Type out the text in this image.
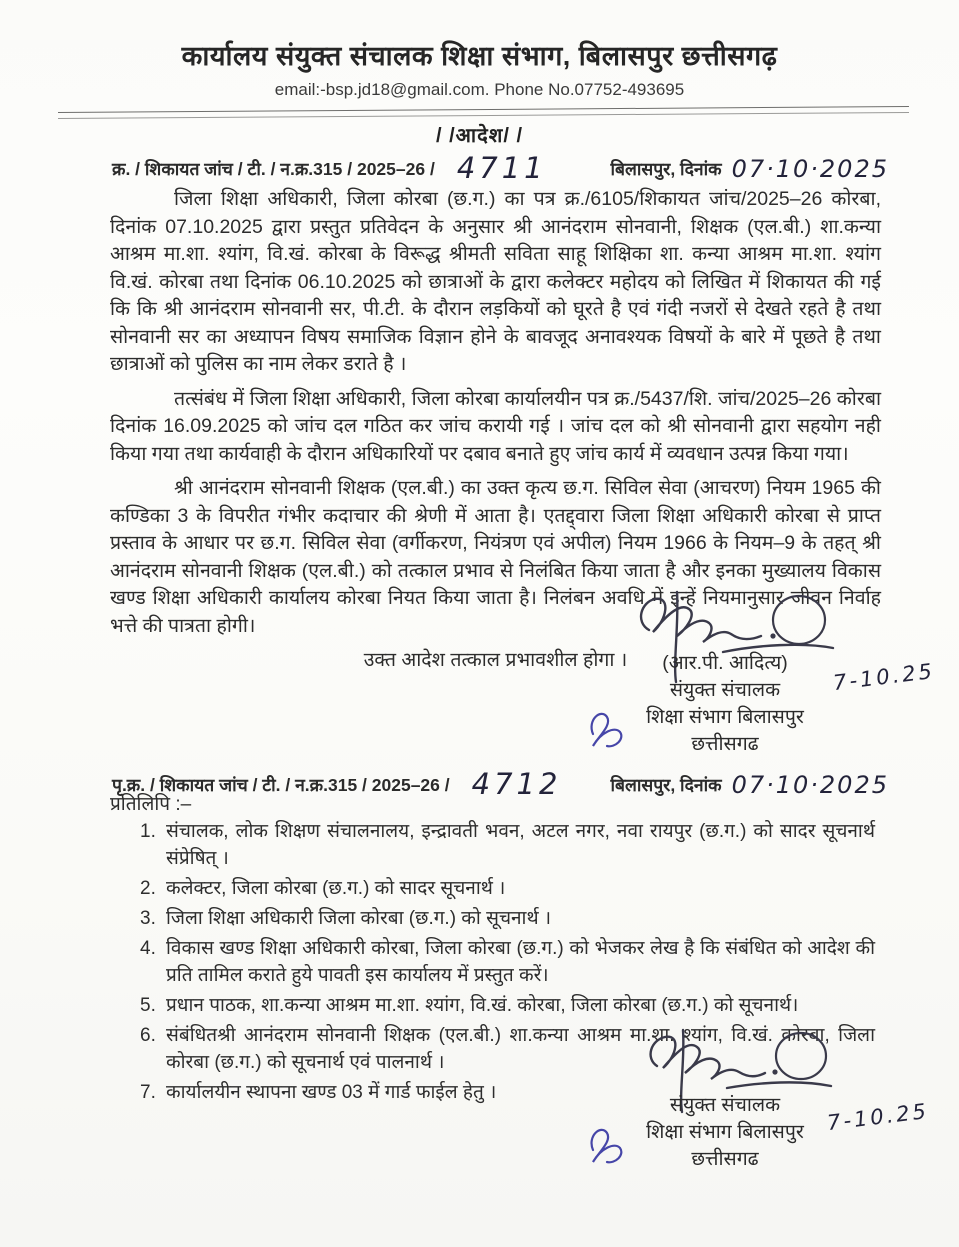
कार्यालय संयुक्त संचालक शिक्षा संभाग, बिलासपुर छत्तीसगढ़
email:-bsp.jd18@gmail.com. Phone No.07752-493695
/ /आदेश/ /
क्र. / शिकायत जांच / टी. / न.क्र.315 / 2025–26 / 4711	बिलासपुर, दिनांक 07·10·2025

जिला शिक्षा अधिकारी, जिला कोरबा (छ.ग.) का पत्र क्र./6105/शिकायत जांच/2025–26 कोरबा, दिनांक 07.10.2025 द्वारा प्रस्तुत प्रतिवेदन के अनुसार श्री आनंदराम सोनवानी, शिक्षक (एल.बी.) शा.कन्या आश्रम मा.शा. श्यांग, वि.खं. कोरबा के विरूद्ध श्रीमती सविता साहू शिक्षिका शा. कन्या आश्रम मा.शा. श्यांग वि.खं. कोरबा तथा दिनांक 06.10.2025 को छात्राओं के द्वारा कलेक्टर महोदय को लिखित में शिकायत की गई कि कि श्री आनंदराम सोनवानी सर, पी.टी. के दौरान लड़कियों को घूरते है एवं गंदी नजरों से देखते रहते है तथा सोनवानी सर का अध्यापन विषय समाजिक विज्ञान होने के बावजूद अनावश्यक विषयों के बारे में पूछते है तथा छात्राओं को पुलिस का नाम लेकर डराते है ।

तत्संबंध में जिला शिक्षा अधिकारी, जिला कोरबा कार्यालयीन पत्र क्र./5437/शि. जांच/2025–26 कोरबा दिनांक 16.09.2025 को जांच दल गठित कर जांच करायी गई । जांच दल को श्री सोनवानी द्वारा सहयोग नही किया गया तथा कार्यवाही के दौरान अधिकारियों पर दबाव बनाते हुए जांच कार्य में व्यवधान उत्पन्न किया गया।

श्री आनंदराम सोनवानी शिक्षक (एल.बी.) का उक्त कृत्य छ.ग. सिविल सेवा (आचरण) नियम 1965 की कण्डिका 3 के विपरीत गंभीर कदाचार की श्रेणी में आता है। एतद्द्वारा जिला शिक्षा अधिकारी कोरबा से प्राप्त प्रस्ताव के आधार पर छ.ग. सिविल सेवा (वर्गीकरण, नियंत्रण एवं अपील) नियम 1966 के नियम–9 के तहत् श्री आनंदराम सोनवानी शिक्षक (एल.बी.) को तत्काल प्रभाव से निलंबित किया जाता है और इनका मुख्यालय विकास खण्ड शिक्षा अधिकारी कार्यालय कोरबा नियत किया जाता है। निलंबन अवधि में इन्हें नियमानुसार जीवन निर्वाह भत्ते की पात्रता होगी।

उक्त आदेश तत्काल प्रभावशील होगा ।	(आर.पी. आदित्य) 7-10.25
संयुक्त संचालक
शिक्षा संभाग बिलासपुर
छत्तीसगढ
पृ.क्र. / शिकायत जांच / टी. / न.क्र.315 / 2025–26 / 4712	बिलासपुर, दिनांक 07·10·2025
प्रतिलिपि :–
1. संचालक, लोक शिक्षण संचालनालय, इन्द्रावती भवन, अटल नगर, नवा रायपुर (छ.ग.) को सादर सूचनार्थ संप्रेषित् ।
2. कलेक्टर, जिला कोरबा (छ.ग.) को सादर सूचनार्थ ।
3. जिला शिक्षा अधिकारी जिला कोरबा (छ.ग.) को सूचनार्थ ।
4. विकास खण्ड शिक्षा अधिकारी कोरबा, जिला कोरबा (छ.ग.) को भेजकर लेख है कि संबंधित को आदेश की प्रति तामिल कराते हुये पावती इस कार्यालय में प्रस्तुत करें।
5. प्रधान पाठक, शा.कन्या आश्रम मा.शा. श्यांग, वि.खं. कोरबा, जिला कोरबा (छ.ग.) को सूचनार्थ।
6. संबंधितश्री आनंदराम सोनवानी शिक्षक (एल.बी.) शा.कन्या आश्रम मा.शा. श्यांग, वि.खं. कोरबा, जिला कोरबा (छ.ग.) को सूचनार्थ एवं पालनार्थ ।
7. कार्यालयीन स्थापना खण्ड 03 में गार्ड फाईल हेतु ।
संयुक्त संचालक 7-10.25
शिक्षा संभाग बिलासपुर
छत्तीसगढ
